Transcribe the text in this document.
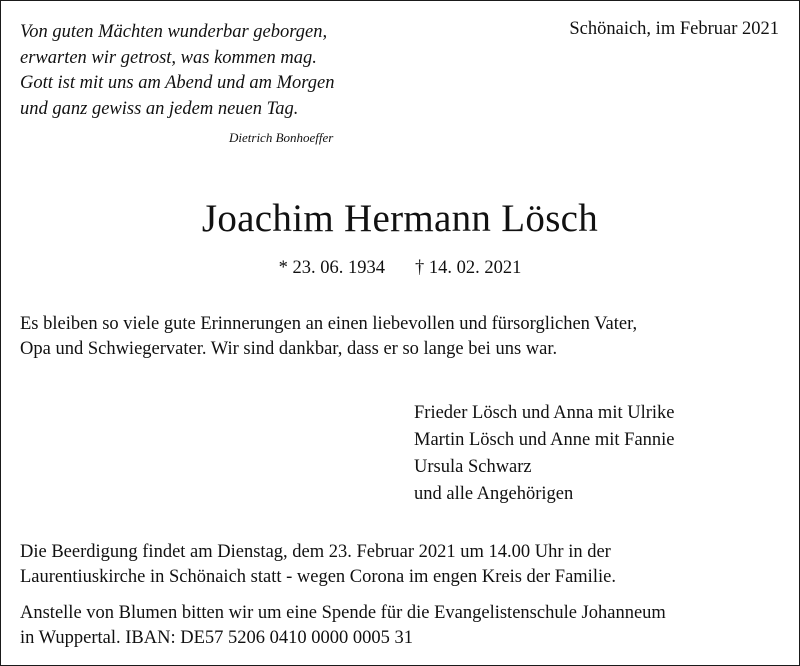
Von guten Mächten wunderbar geborgen,
erwarten wir getrost, was kommen mag.
Gott ist mit uns am Abend und am Morgen
und ganz gewiss an jedem neuen Tag.
Dietrich Bonhoeffer
Schönaich, im Februar 2021
Joachim Hermann Lösch
* 23. 06. 1934 † 14. 02. 2021
Es bleiben so viele gute Erinnerungen an einen liebevollen und fürsorglichen Vater,
Opa und Schwiegervater. Wir sind dankbar, dass er so lange bei uns war.
Frieder Lösch und Anna mit Ulrike
Martin Lösch und Anne mit Fannie
Ursula Schwarz
und alle Angehörigen
Die Beerdigung findet am Dienstag, dem 23. Februar 2021 um 14.00 Uhr in der
Laurentiuskirche in Schönaich statt - wegen Corona im engen Kreis der Familie.
Anstelle von Blumen bitten wir um eine Spende für die Evangelistenschule Johanneum
in Wuppertal. IBAN: DE57 5206 0410 0000 0005 31
